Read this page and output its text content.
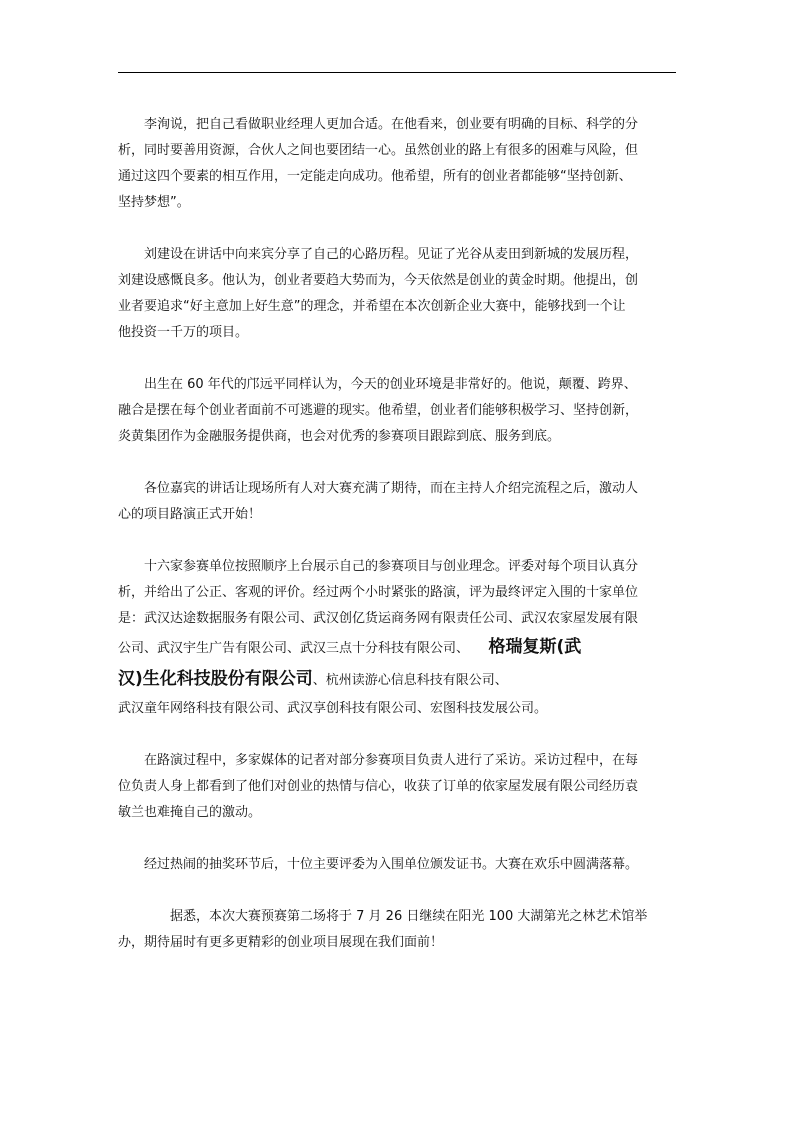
李洵说，把自己看做职业经理人更加合适。在他看来，创业要有明确的目标、科学的分
析，同时要善用资源，合伙人之间也要团结一心。虽然创业的路上有很多的困难与风险，但
通过这四个要素的相互作用，一定能走向成功。他希望，所有的创业者都能够“坚持创新、
坚持梦想”。

刘建设在讲话中向来宾分享了自己的心路历程。见证了光谷从麦田到新城的发展历程，
刘建设感慨良多。他认为，创业者要趋大势而为，今天依然是创业的黄金时期。他提出，创
业者要追求“好主意加上好生意”的理念，并希望在本次创新企业大赛中，能够找到一个让
他投资一千万的项目。

出生在 60 年代的邝远平同样认为，今天的创业环境是非常好的。他说，颠覆、跨界、
融合是摆在每个创业者面前不可逃避的现实。他希望，创业者们能够积极学习、坚持创新，
炎黄集团作为金融服务提供商，也会对优秀的参赛项目跟踪到底、服务到底。

各位嘉宾的讲话让现场所有人对大赛充满了期待，而在主持人介绍完流程之后，激动人
心的项目路演正式开始！

十六家参赛单位按照顺序上台展示自己的参赛项目与创业理念。评委对每个项目认真分
析，并给出了公正、客观的评价。经过两个小时紧张的路演，评为最终评定入围的十家单位
是：武汉达途数据服务有限公司、武汉创亿货运商务网有限责任公司、武汉农家屋发展有限
公司、武汉宇生广告有限公司、武汉三点十分科技有限公司、　　 格瑞复斯(武
汉)生化科技股份有限公司、杭州读游心信息科技有限公司、
武汉童年网络科技有限公司、武汉享创科技有限公司、宏图科技发展公司。

在路演过程中，多家媒体的记者对部分参赛项目负责人进行了采访。采访过程中，在每
位负责人身上都看到了他们对创业的热情与信心，收获了订单的依家屋发展有限公司经历袁
敏兰也难掩自己的激动。

经过热闹的抽奖环节后，十位主要评委为入围单位颁发证书。大赛在欢乐中圆满落幕。

据悉，本次大赛预赛第二场将于 7 月 26 日继续在阳光 100 大湖第光之林艺术馆举
办，期待届时有更多更精彩的创业项目展现在我们面前！
